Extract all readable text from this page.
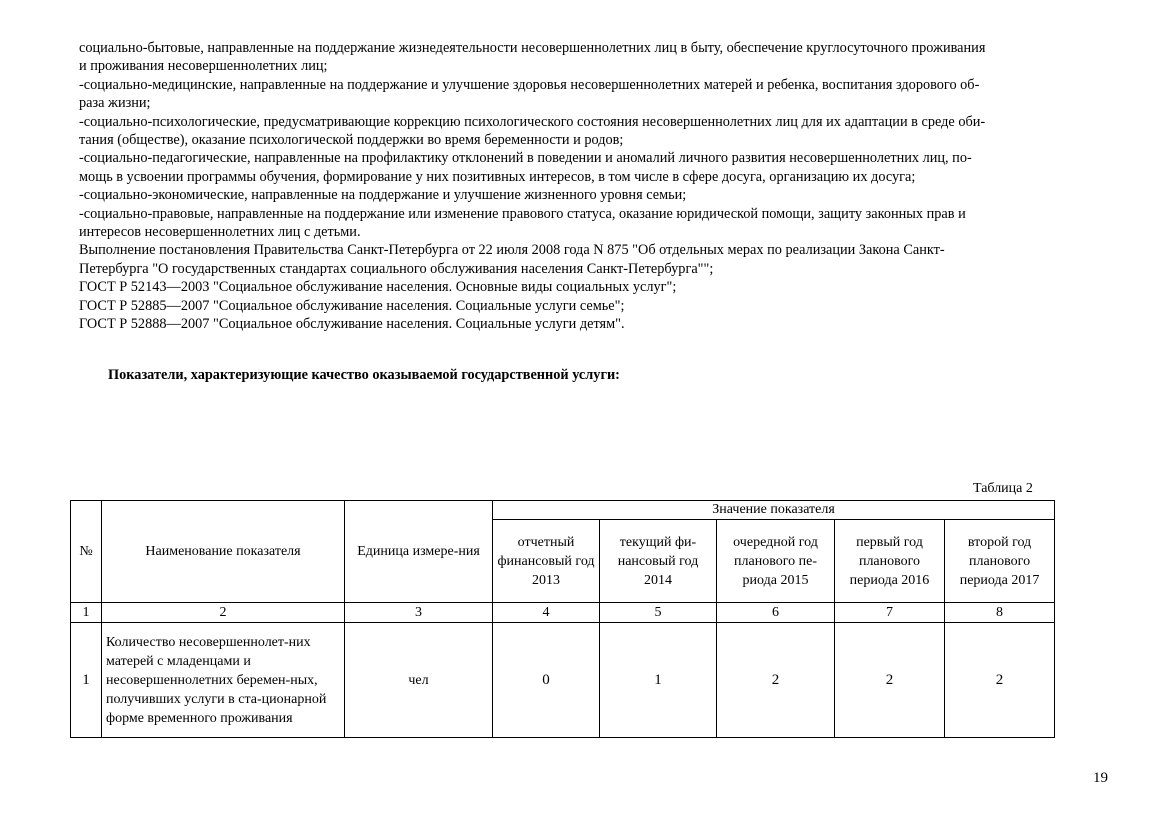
социально-бытовые, направленные на поддержание жизнедеятельности несовершеннолетних лиц в быту, обеспечение круглосуточного проживания
и проживания несовершеннолетних лиц;
-социально-медицинские, направленные на поддержание и улучшение здоровья несовершеннолетних матерей и ребенка, воспитания здорового об-
раза жизни;
-социально-психологические, предусматривающие коррекцию психологического состояния несовершеннолетних лиц для их адаптации в среде оби-
тания (обществе), оказание психологической поддержки во время беременности и родов;
-социально-педагогические, направленные на профилактику отклонений в поведении и аномалий личного развития несовершеннолетних лиц, по-
мощь в усвоении программы обучения, формирование у них позитивных интересов, в том числе в сфере досуга, организацию их досуга;
-социально-экономические, направленные на поддержание и улучшение жизненного уровня семьи;
-социально-правовые, направленные на поддержание или изменение правового статуса, оказание юридической помощи, защиту законных прав и
интересов несовершеннолетних лиц с детьми.
Выполнение постановления Правительства Санкт-Петербурга от 22 июля 2008 года N 875 "Об отдельных мерах по реализации Закона Санкт-
Петербурга "О государственных стандартах социального обслуживания населения Санкт-Петербурга"";
ГОСТ Р 52143—2003 "Социальное обслуживание населения. Основные виды социальных услуг";
ГОСТ Р 52885—2007 "Социальное обслуживание населения. Социальные услуги семье";
ГОСТ Р 52888—2007 "Социальное обслуживание населения. Социальные услуги детям".
Показатели, характеризующие качество оказываемой государственной услуги:
Таблица 2
№	Наименование показателя	Единица измере-ния	Значение показателя				
			отчетный финансовый год 2013	текущий фи-нансовый год 2014	очередной год планового пе-риода 2015	первый год планового периода 2016	второй год планового периода 2017
1	2	3	4	5	6	7	8
1	Количество несовершеннолет-них матерей с младенцами и несовершеннолетних беремен-ных, получивших услуги в ста-ционарной форме временного проживания	чел	0	1	2	2	2
19
